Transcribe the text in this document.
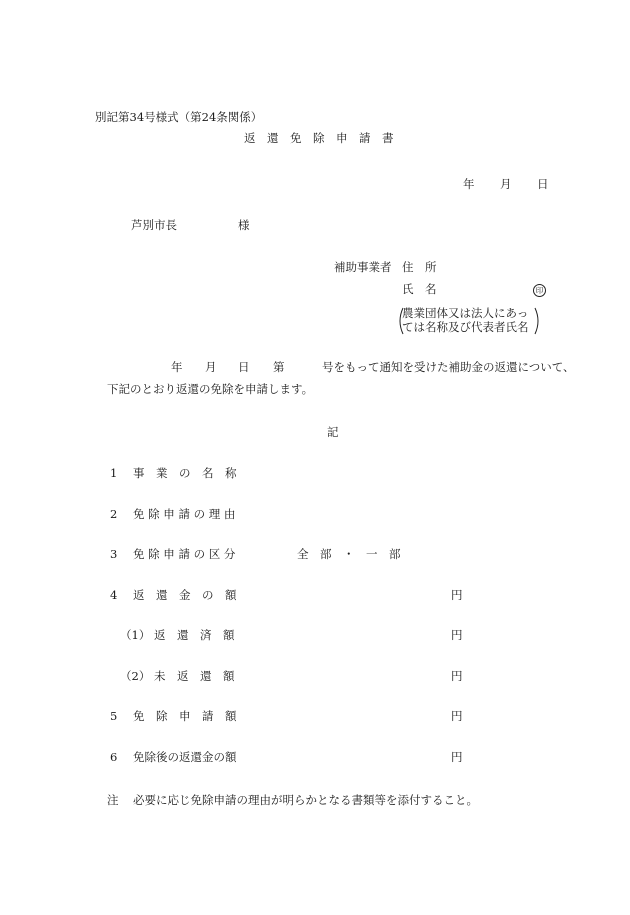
別記第34号様式（第24条関係）
返　還　免　除　申　請　書
年 月 日
芦別市長	様
補助事業者 住　所
氏　名	印
農業団体又は法人にあっ
ては名称及び代表者氏名
年 月 日 第	号をもって通知を受けた補助金の返還について、
下記のとおり返還の免除を申請します。
記
1 事　業　の　名　称
2 免 除 申 請 の 理 由
3 免 除 申 請 の 区 分	全　部　・　一　部
4 返　還　金　の　額	円
（1） 返　還　済　額	円
（2） 未　返　還　額	円
5 免　除　申　請　額	円
6 免除後の返還金の額	円
注 必要に応じ免除申請の理由が明らかとなる書類等を添付すること。
